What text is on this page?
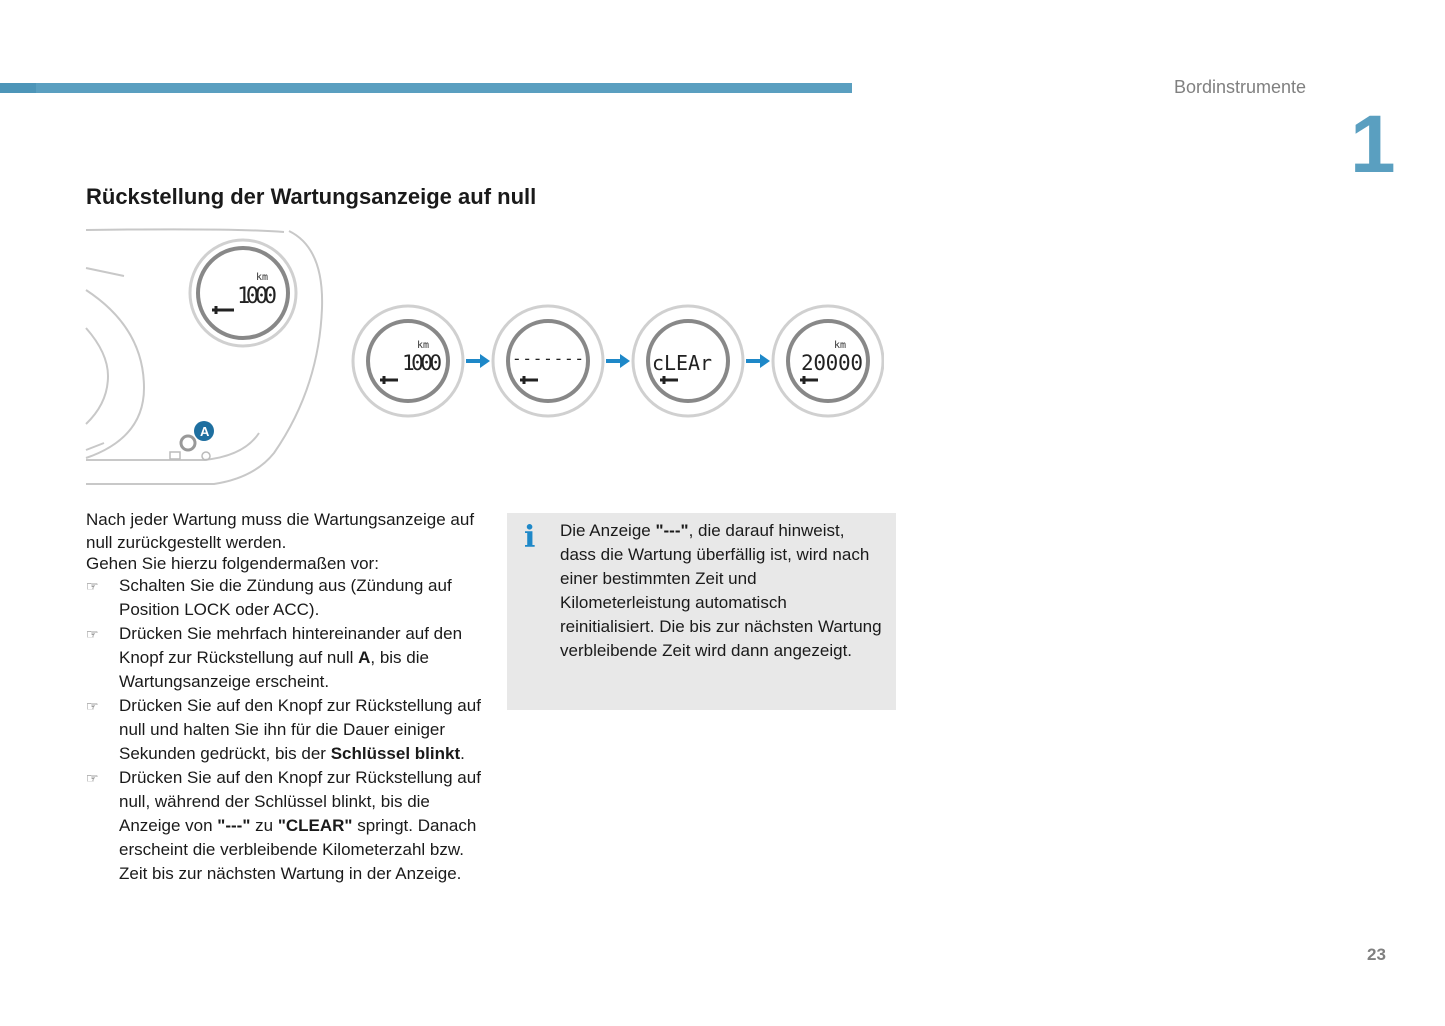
Bordinstrumente
1
Rückstellung der Wartungsanzeige auf null
km
1000
A
km
1000	-------	cLEAr
km
20000

Nach jeder Wartung muss die Wartungsanzeige auf null zurückgestellt werden.

Gehen Sie hierzu folgendermaßen vor:

☞ Schalten Sie die Zündung aus (Zündung auf Position LOCK oder ACC).
☞ Drücken Sie mehrfach hintereinander auf den Knopf zur Rückstellung auf null A, bis die Wartungsanzeige erscheint.
☞ Drücken Sie auf den Knopf zur Rückstellung auf null und halten Sie ihn für die Dauer einiger Sekunden gedrückt, bis der Schlüssel blinkt.
☞ Drücken Sie auf den Knopf zur Rückstellung auf null, während der Schlüssel blinkt, bis die Anzeige von "---" zu "CLEAR" springt. Danach erscheint die verbleibende Kilometerzahl bzw. Zeit bis zur nächsten Wartung in der Anzeige.
i Die Anzeige "---", die darauf hinweist, dass die Wartung überfällig ist, wird nach einer bestimmten Zeit und Kilometerleistung automatisch reinitialisiert. Die bis zur nächsten Wartung verbleibende Zeit wird dann angezeigt.
23
